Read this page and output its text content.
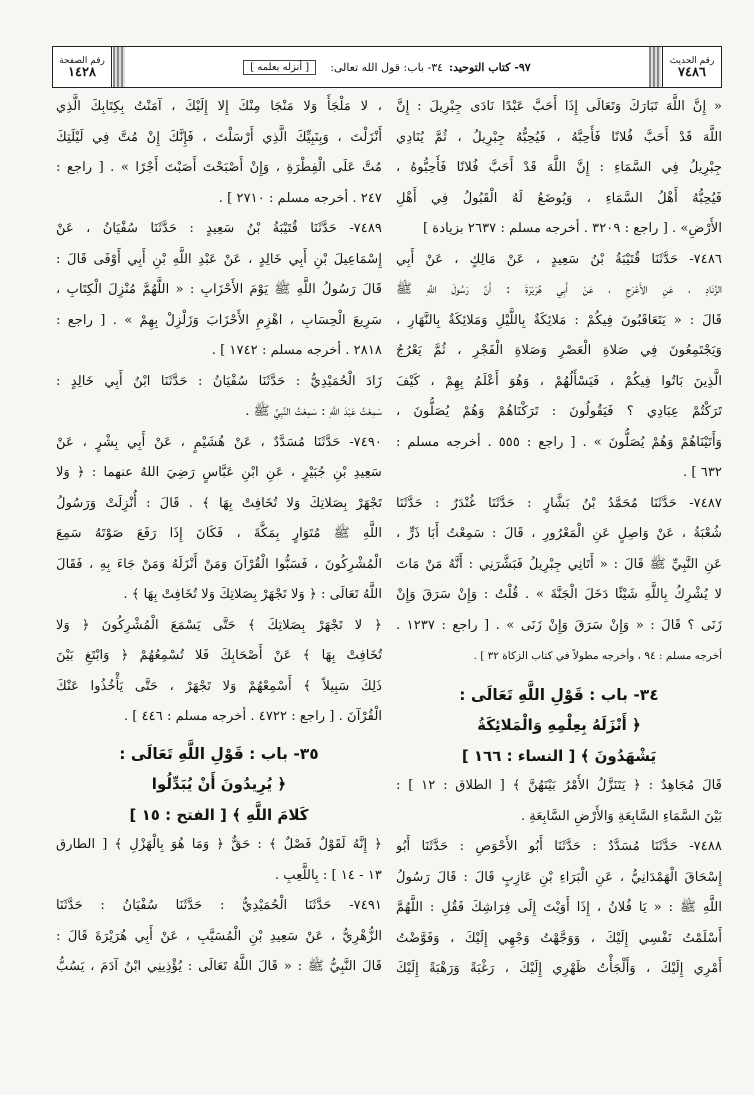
رقم الحديث
٧٤٨٦
٩٧- كتاب التوحيد:
٣٤- باب: قول الله تعالى:
[ أنزله بعلمه ]
رقم الصفحة
١٤٢٨
« إِنَّ اللَّهَ تَبَارَكَ وَتَعَالَى إِذَا أَحَبَّ عَبْدًا نَادَى جِبْرِيلَ : إِنَّ
اللَّهَ قَدْ أَحَبَّ فُلانًا فَأَحِبَّهُ ، فَيُحِبُّهُ جِبْرِيلُ ، ثُمَّ يُنَادِي
جِبْرِيلُ فِي السَّمَاءِ : إِنَّ اللَّهَ قَدْ أَحَبَّ فُلانًا فَأَحِبُّوهُ ،
فَيُحِبُّهُ أَهْلُ السَّمَاءِ ، وَيُوضَعُ لَهُ الْقَبُولُ فِي أَهْلِ
الأَرْضِ» . [ راجع : ٣٢٠٩ . أخرجه مسلم : ٢٦٣٧ بزيادة ]
٧٤٨٦- حَدَّثَنَا قُتَيْبَةُ بْنُ سَعِيدٍ ، عَنْ مَالِكٍ ، عَنْ أَبِي
الزِّنَادِ ، عَنِ الأَعْرَجِ ، عَنْ أَبِي هُرَيْرَةَ : أَنَّ رَسُولَ اللَّهِ ﷺ
قَالَ : « يَتَعَاقَبُونَ فِيكُمْ : مَلائِكَةٌ بِاللَّيْلِ وَمَلائِكَةٌ بِالنَّهَارِ ،
وَيَجْتَمِعُونَ فِي صَلاةِ الْعَصْرِ وَصَلاةِ الْفَجْرِ ، ثُمَّ يَعْرُجُ
الَّذِينَ بَاتُوا فِيكُمْ ، فَيَسْأَلُهُمْ ، وَهُوَ أَعْلَمُ بِهِمْ ، كَيْفَ
تَرَكْتُمْ عِبَادِي ؟ فَيَقُولُونَ : تَرَكْنَاهُمْ وَهُمْ يُصَلُّونَ ،
وَأَتَيْنَاهُمْ وَهُمْ يُصَلُّونَ » . [ راجع : ٥٥٥ . أخرجه مسلم :
٦٣٢ ] .
٧٤٨٧- حَدَّثَنَا مُحَمَّدُ بْنُ بَشَّارٍ : حَدَّثَنَا غُنْدَرٌ : حَدَّثَنَا
شُعْبَةُ ، عَنْ وَاصِلٍ عَنِ الْمَعْرُورِ ، قَالَ : سَمِعْتُ أَبَا ذَرٍّ ،
عَنِ النَّبِيِّ ﷺ قَالَ : « أَتَانِي جِبْرِيلُ فَبَشَّرَنِي : أَنَّهُ مَنْ مَاتَ
لا يُشْرِكُ بِاللَّهِ شَيْئًا دَخَلَ الْجَنَّةَ » . قُلْتُ : وَإِنْ سَرَقَ وَإِنْ
زَنَى ؟ قَالَ : « وَإِنْ سَرَقَ وَإِنْ زَنَى » . [ راجع : ١٢٣٧ .
أخرجه مسلم : ٩٤ ، وأخرجه مطولاً في كتاب الزكاة ٣٢ ] .
٣٤- باب : قَوْلِ اللَّهِ تَعَالَى :
﴿ أَنْزَلَهُ بِعِلْمِهِ وَالْمَلائِكَةُ
يَشْهَدُونَ ﴾ [ النساء : ١٦٦ ]
قَالَ مُجَاهِدٌ : ﴿ يَتَنَزَّلُ الأَمْرُ بَيْنَهُنَّ ﴾ [ الطلاق : ١٢ ] :
بَيْنَ السَّمَاءِ السَّابِعَةِ وَالأَرْضِ السَّابِعَةِ .
٧٤٨٨- حَدَّثَنَا مُسَدَّدٌ : حَدَّثَنَا أَبُو الأَحْوَصِ : حَدَّثَنَا أَبُو
إِسْحَاقَ الْهَمْدَانِيُّ ، عَنِ الْبَرَاءِ بْنِ عَازِبٍ قَالَ : قَالَ رَسُولُ
اللَّهِ ﷺ : « يَا فُلانُ ، إِذَا أَوَيْتَ إِلَى فِرَاشِكَ فَقُلِ : اللَّهُمَّ
أَسْلَمْتُ نَفْسِي إِلَيْكَ ، وَوَجَّهْتُ وَجْهِي إِلَيْكَ ، وَفَوَّضْتُ
أَمْرِي إِلَيْكَ ، وَأَلْجَأْتُ ظَهْرِي إِلَيْكَ ، رَغْبَةً وَرَهْبَةً إِلَيْكَ
، لا مَلْجَأَ وَلا مَنْجَا مِنْكَ إِلا إِلَيْكَ ، آمَنْتُ بِكِتَابِكَ الَّذِي
أَنْزَلْتَ ، وَبِنَبِيِّكَ الَّذِي أَرْسَلْتَ ، فَإِنَّكَ إِنْ مُتَّ فِي لَيْلَتِكَ
مُتَّ عَلَى الْفِطْرَةِ ، وَإِنْ أَصْبَحْتَ أَصَبْتَ أَجْرًا » . [ راجع :
٢٤٧ . أخرجه مسلم : ٢٧١٠ ] .
٧٤٨٩- حَدَّثَنَا قُتَيْبَةُ بْنُ سَعِيدٍ : حَدَّثَنَا سُفْيَانُ ، عَنْ
إِسْمَاعِيلَ بْنِ أَبِي خَالِدٍ ، عَنْ عَبْدِ اللَّهِ بْنِ أَبِي أَوْفَى قَالَ :
قَالَ رَسُولُ اللَّهِ ﷺ يَوْمَ الأَحْزَابِ : « اللَّهُمَّ مُنْزِلَ الْكِتَابِ ،
سَرِيعَ الْحِسَابِ ، اهْزِمِ الأَحْزَابَ وَزَلْزِلْ بِهِمْ » . [ راجع :
٢٨١٨ . أخرجه مسلم : ١٧٤٢ ] .
زَادَ الْحُمَيْدِيُّ : حَدَّثَنَا سُفْيَانُ : حَدَّثَنَا ابْنُ أَبِي خَالِدٍ :
سَمِعْتُ عَبْدَ اللَّهِ : سَمِعْتُ النَّبِيَّ ﷺ .
٧٤٩٠- حَدَّثَنَا مُسَدَّدٌ ، عَنْ هُشَيْمٍ ، عَنْ أَبِي بِشْرٍ ، عَنْ
سَعِيدِ بْنِ جُبَيْرٍ ، عَنِ ابْنِ عَبَّاسٍ رَضِيَ اللهُ عنهما : ﴿ وَلا
تَجْهَرْ بِصَلاتِكَ وَلا تُخَافِتْ بِهَا ﴾ . قَالَ : أُنْزِلَتْ وَرَسُولُ
اللَّهِ ﷺ مُتَوَارٍ بِمَكَّةَ ، فَكَانَ إِذَا رَفَعَ صَوْتَهُ سَمِعَ
الْمُشْرِكُونَ ، فَسَبُّوا الْقُرْآنَ وَمَنْ أَنْزَلَهُ وَمَنْ جَاءَ بِهِ ، فَقَالَ
اللَّهُ تَعَالَى : ﴿ وَلا تَجْهَرْ بِصَلاتِكَ وَلا تُخَافِتْ بِهَا ﴾ .
﴿ لا تَجْهَرْ بِصَلاتِكَ ﴾ حَتَّى يَسْمَعَ الْمُشْرِكُونَ ﴿ وَلا
تُخَافِتْ بِهَا ﴾ عَنْ أَصْحَابِكَ فَلا تُسْمِعُهُمْ ﴿ وَابْتَغِ بَيْنَ
ذَلِكَ سَبِيلاً ﴾ أَسْمِعْهُمْ وَلا تَجْهَرْ ، حَتَّى يَأْخُذُوا عَنْكَ
الْقُرْآنَ . [ راجع : ٤٧٢٢ . أخرجه مسلم : ٤٤٦ ] .
٣٥- باب : قَوْلِ اللَّهِ تَعَالَى :
﴿ يُرِيدُونَ أَنْ يُبَدِّلُوا
كَلامَ اللَّهِ ﴾ [ الفتح : ١٥ ]
﴿ إِنَّهُ لَقَوْلٌ فَصْلٌ ﴾ : حَقٌّ ﴿ وَمَا هُوَ بِالْهَزْلِ ﴾ [ الطارق
١٣ - ١٤ ] : بِاللَّعِبِ .
٧٤٩١- حَدَّثَنَا الْحُمَيْدِيُّ : حَدَّثَنَا سُفْيَانُ : حَدَّثَنَا
الزُّهْرِيُّ ، عَنْ سَعِيدِ بْنِ الْمُسَيَّبِ ، عَنْ أَبِي هُرَيْرَةَ قَالَ :
قَالَ النَّبِيُّ ﷺ : « قَالَ اللَّهُ تَعَالَى : يُؤْذِينِي ابْنُ آدَمَ ، يَسُبُّ
